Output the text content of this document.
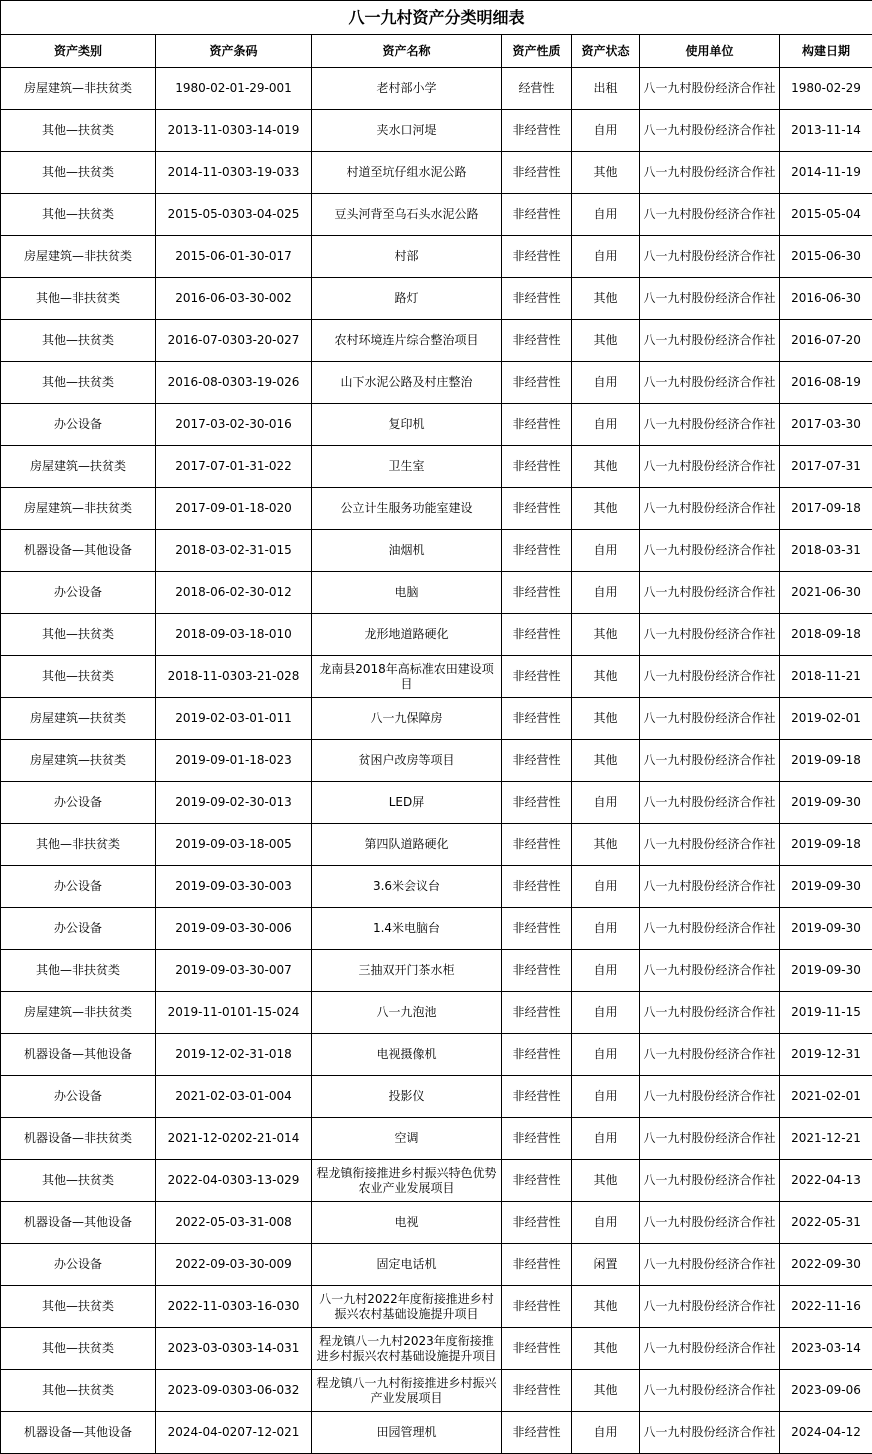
八一九村资产分类明细表						
资产类别	资产条码	资产名称	资产性质	资产状态	使用单位	构建日期
房屋建筑—非扶贫类	1980-02-01-29-001	老村部小学	经营性	出租	八一九村股份经济合作社	1980-02-29
其他—扶贫类	2013-11-0303-14-019	夹水口河堤	非经营性	自用	八一九村股份经济合作社	2013-11-14
其他—扶贫类	2014-11-0303-19-033	村道至坑仔组水泥公路	非经营性	其他	八一九村股份经济合作社	2014-11-19
其他—扶贫类	2015-05-0303-04-025	豆头河背至乌石头水泥公路	非经营性	自用	八一九村股份经济合作社	2015-05-04
房屋建筑—非扶贫类	2015-06-01-30-017	村部	非经营性	自用	八一九村股份经济合作社	2015-06-30
其他—非扶贫类	2016-06-03-30-002	路灯	非经营性	其他	八一九村股份经济合作社	2016-06-30
其他—扶贫类	2016-07-0303-20-027	农村环境连片综合整治项目	非经营性	其他	八一九村股份经济合作社	2016-07-20
其他—扶贫类	2016-08-0303-19-026	山下水泥公路及村庄整治	非经营性	自用	八一九村股份经济合作社	2016-08-19
办公设备	2017-03-02-30-016	复印机	非经营性	自用	八一九村股份经济合作社	2017-03-30
房屋建筑—扶贫类	2017-07-01-31-022	卫生室	非经营性	其他	八一九村股份经济合作社	2017-07-31
房屋建筑—非扶贫类	2017-09-01-18-020	公立计生服务功能室建设	非经营性	其他	八一九村股份经济合作社	2017-09-18
机器设备—其他设备	2018-03-02-31-015	油烟机	非经营性	自用	八一九村股份经济合作社	2018-03-31
办公设备	2018-06-02-30-012	电脑	非经营性	自用	八一九村股份经济合作社	2021-06-30
其他—扶贫类	2018-09-03-18-010	龙形地道路硬化	非经营性	其他	八一九村股份经济合作社	2018-09-18
其他—扶贫类	2018-11-0303-21-028	龙南县2018年高标准农田建设项目	非经营性	其他	八一九村股份经济合作社	2018-11-21
房屋建筑—扶贫类	2019-02-03-01-011	八一九保障房	非经营性	其他	八一九村股份经济合作社	2019-02-01
房屋建筑—扶贫类	2019-09-01-18-023	贫困户改房等项目	非经营性	其他	八一九村股份经济合作社	2019-09-18
办公设备	2019-09-02-30-013	LED屏	非经营性	自用	八一九村股份经济合作社	2019-09-30
其他—非扶贫类	2019-09-03-18-005	第四队道路硬化	非经营性	其他	八一九村股份经济合作社	2019-09-18
办公设备	2019-09-03-30-003	3.6米会议台	非经营性	自用	八一九村股份经济合作社	2019-09-30
办公设备	2019-09-03-30-006	1.4米电脑台	非经营性	自用	八一九村股份经济合作社	2019-09-30
其他—非扶贫类	2019-09-03-30-007	三抽双开门茶水柜	非经营性	自用	八一九村股份经济合作社	2019-09-30
房屋建筑—非扶贫类	2019-11-0101-15-024	八一九泡池	非经营性	自用	八一九村股份经济合作社	2019-11-15
机器设备—其他设备	2019-12-02-31-018	电视摄像机	非经营性	自用	八一九村股份经济合作社	2019-12-31
办公设备	2021-02-03-01-004	投影仪	非经营性	自用	八一九村股份经济合作社	2021-02-01
机器设备—非扶贫类	2021-12-0202-21-014	空调	非经营性	自用	八一九村股份经济合作社	2021-12-21
其他—扶贫类	2022-04-0303-13-029	程龙镇衔接推进乡村振兴特色优势农业产业发展项目	非经营性	其他	八一九村股份经济合作社	2022-04-13
机器设备—其他设备	2022-05-03-31-008	电视	非经营性	自用	八一九村股份经济合作社	2022-05-31
办公设备	2022-09-03-30-009	固定电话机	非经营性	闲置	八一九村股份经济合作社	2022-09-30
其他—扶贫类	2022-11-0303-16-030	八一九村2022年度衔接推进乡村振兴农村基础设施提升项目	非经营性	其他	八一九村股份经济合作社	2022-11-16
其他—扶贫类	2023-03-0303-14-031	程龙镇八一九村2023年度衔接推进乡村振兴农村基础设施提升项目	非经营性	其他	八一九村股份经济合作社	2023-03-14
其他—扶贫类	2023-09-0303-06-032	程龙镇八一九村衔接推进乡村振兴产业发展项目	非经营性	其他	八一九村股份经济合作社	2023-09-06
机器设备—其他设备	2024-04-0207-12-021	田园管理机	非经营性	自用	八一九村股份经济合作社	2024-04-12
